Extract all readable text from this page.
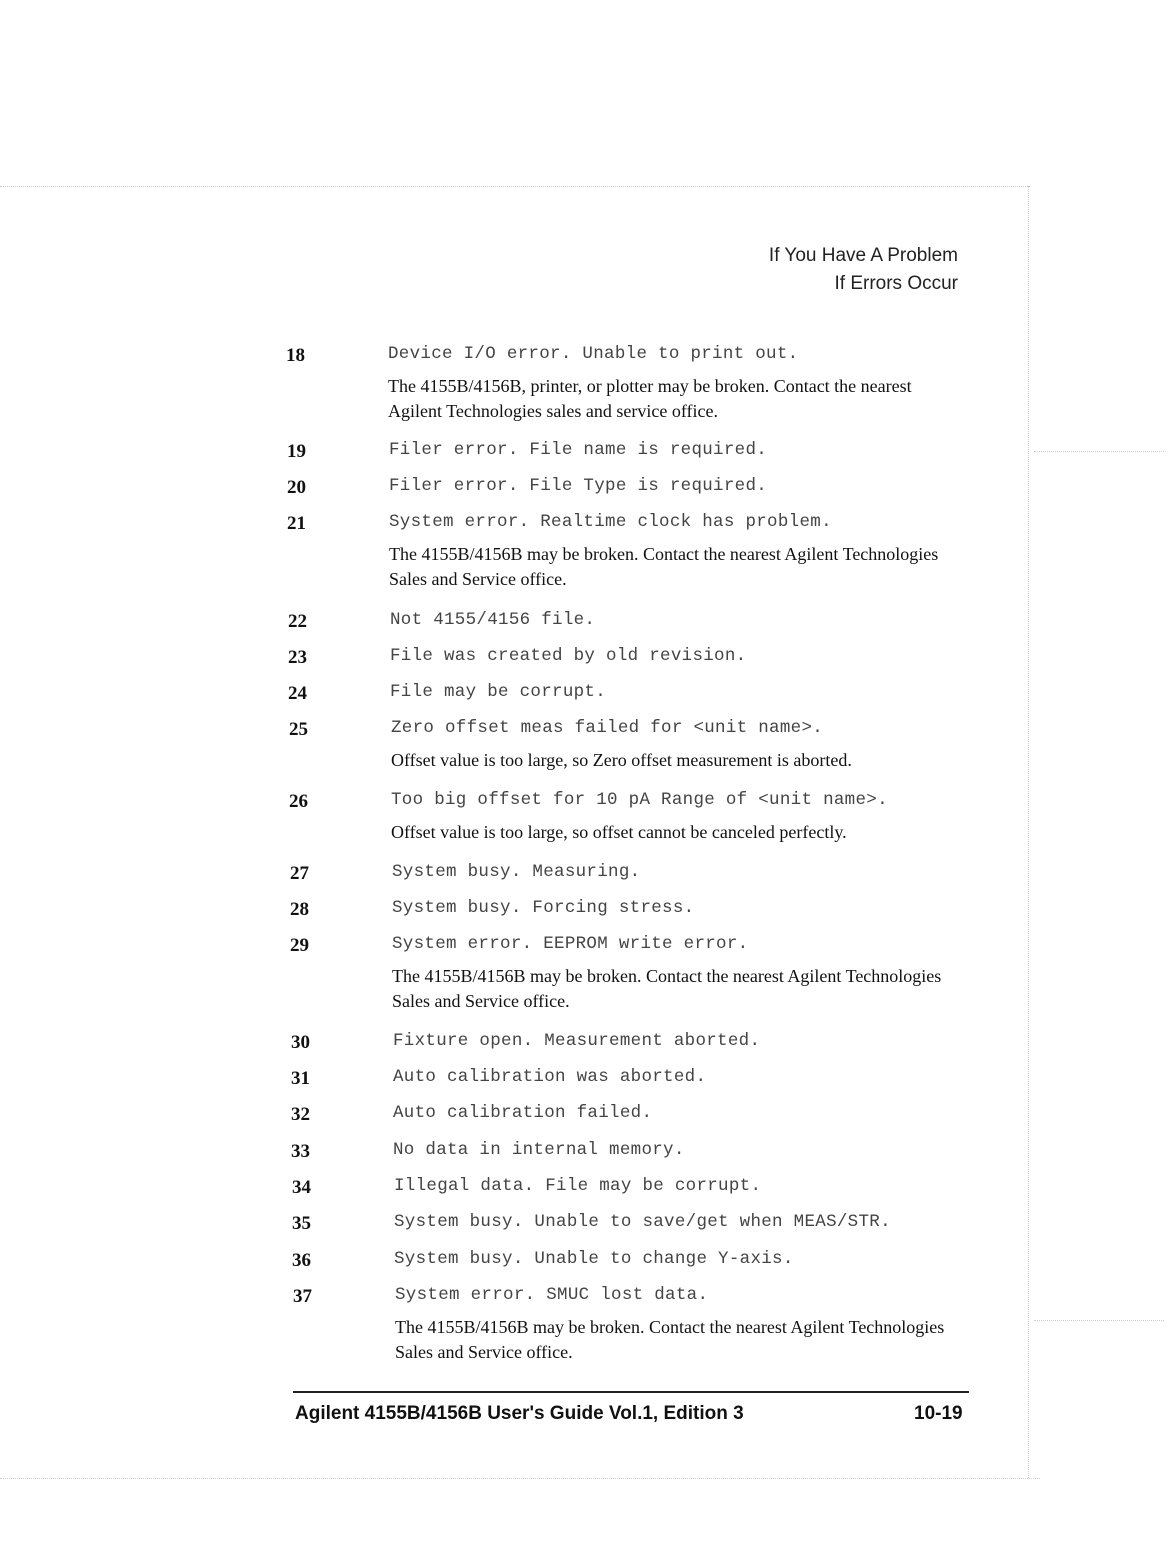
If You Have A Problem
If Errors Occur
18	Device I/O error. Unable to print out.
The 4155B/4156B, printer, or plotter may be broken. Contact the nearest Agilent Technologies sales and service office.
19	Filer error. File name is required.
20	Filer error. File Type is required.
21	System error. Realtime clock has problem.
The 4155B/4156B may be broken. Contact the nearest Agilent Technologies Sales and Service office.
22	Not 4155/4156 file.
23	File was created by old revision.
24	File may be corrupt.
25	Zero offset meas failed for <unit name>.
Offset value is too large, so Zero offset measurement is aborted.
26	Too big offset for 10 pA Range of <unit name>.
Offset value is too large, so offset cannot be canceled perfectly.
27	System busy. Measuring.
28	System busy. Forcing stress.
29	System error. EEPROM write error.
The 4155B/4156B may be broken. Contact the nearest Agilent Technologies Sales and Service office.
30	Fixture open. Measurement aborted.
31	Auto calibration was aborted.
32	Auto calibration failed.
33	No data in internal memory.
34	Illegal data. File may be corrupt.
35	System busy. Unable to save/get when MEAS/STR.
36	System busy. Unable to change Y-axis.
37	System error. SMUC lost data.
The 4155B/4156B may be broken. Contact the nearest Agilent Technologies Sales and Service office.
Agilent 4155B/4156B User's Guide Vol.1, Edition 3	10-19
